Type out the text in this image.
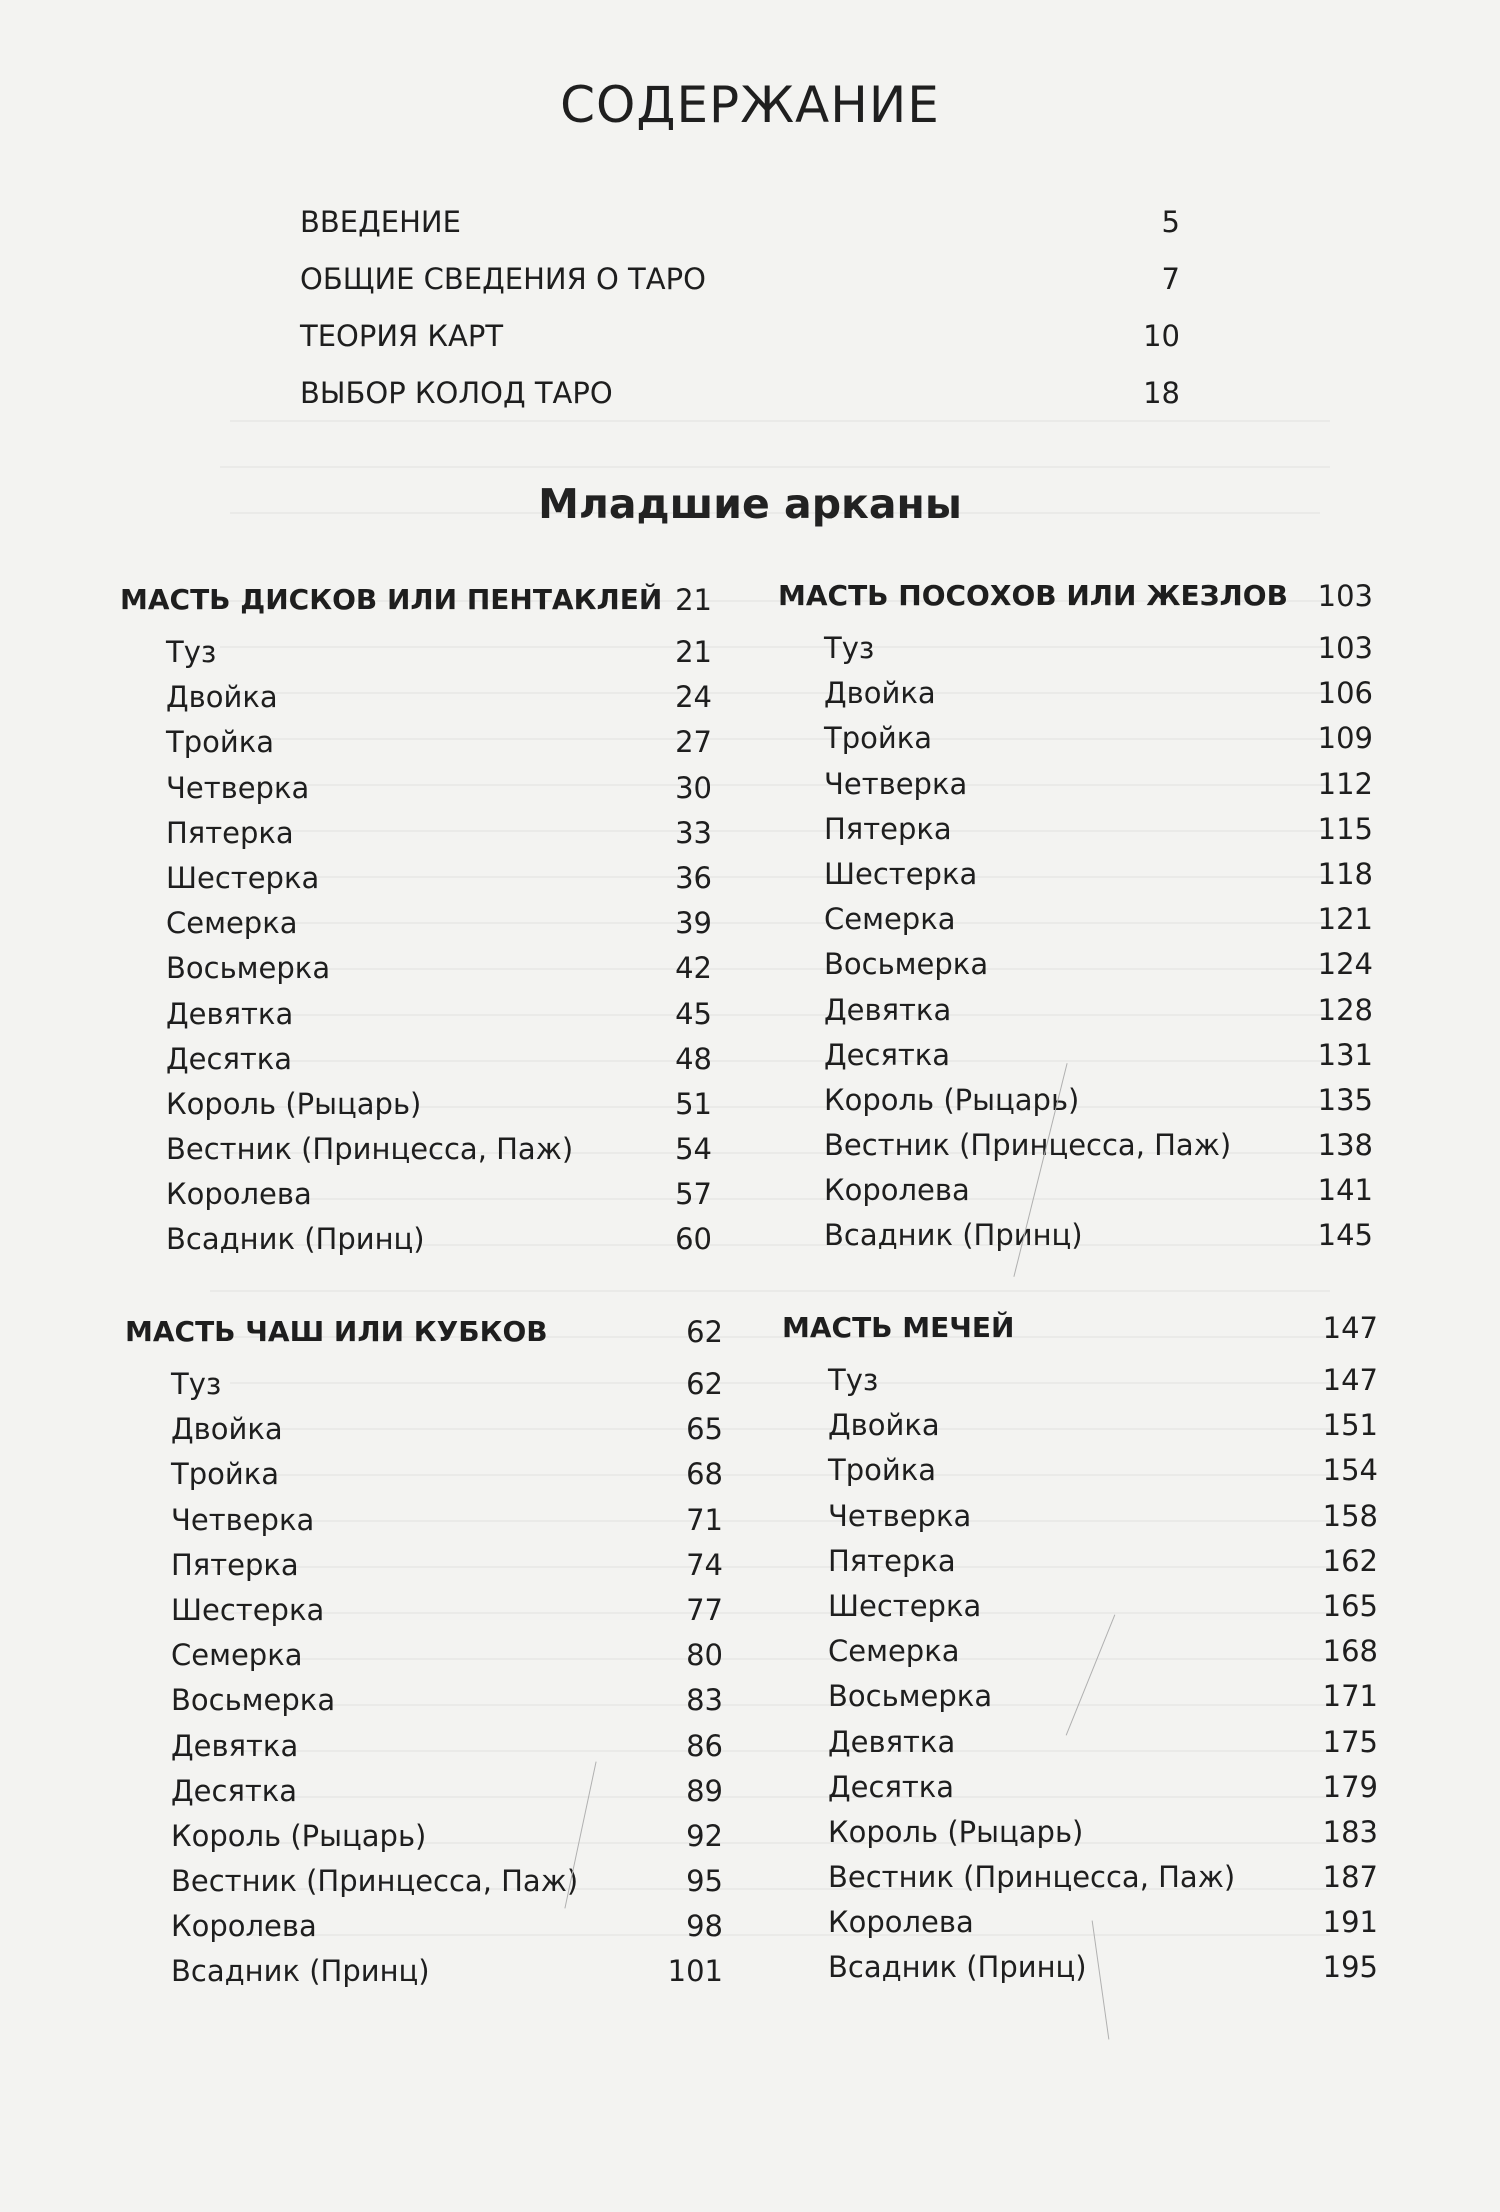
СОДЕРЖАНИЕ
ВВЕДЕНИЕ	5
ОБЩИЕ СВЕДЕНИЯ О ТАРО	7
ТЕОРИЯ КАРТ	10
ВЫБОР КОЛОД ТАРО	18
Младшие арканы
МАСТЬ ДИСКОВ ИЛИ ПЕНТАКЛЕЙ 21
Туз	21
Двойка	24
Тройка	27
Четверка	30
Пятерка	33
Шестерка	36
Семерка	39
Восьмерка	42
Девятка	45
Десятка	48
Король (Рыцарь)	51
Вестник (Принцесса, Паж)	54
Королева	57
Всадник (Принц)	60
МАСТЬ ПОСОХОВ ИЛИ ЖЕЗЛОВ 103
Туз	103
Двойка	106
Тройка	109
Четверка	112
Пятерка	115
Шестерка	118
Семерка	121
Восьмерка	124
Девятка	128
Десятка	131
Король (Рыцарь)	135
Вестник (Принцесса, Паж)	138
Королева	141
Всадник (Принц)	145
МАСТЬ ЧАШ ИЛИ КУБКОВ	62
Туз	62
Двойка	65
Тройка	68
Четверка	71
Пятерка	74
Шестерка	77
Семерка	80
Восьмерка	83
Девятка	86
Десятка	89
Король (Рыцарь)	92
Вестник (Принцесса, Паж)	95
Королева	98
Всадник (Принц)	101
МАСТЬ МЕЧЕЙ	147
Туз	147
Двойка	151
Тройка	154
Четверка	158
Пятерка	162
Шестерка	165
Семерка	168
Восьмерка	171
Девятка	175
Десятка	179
Король (Рыцарь)	183
Вестник (Принцесса, Паж)	187
Королева	191
Всадник (Принц)	195
